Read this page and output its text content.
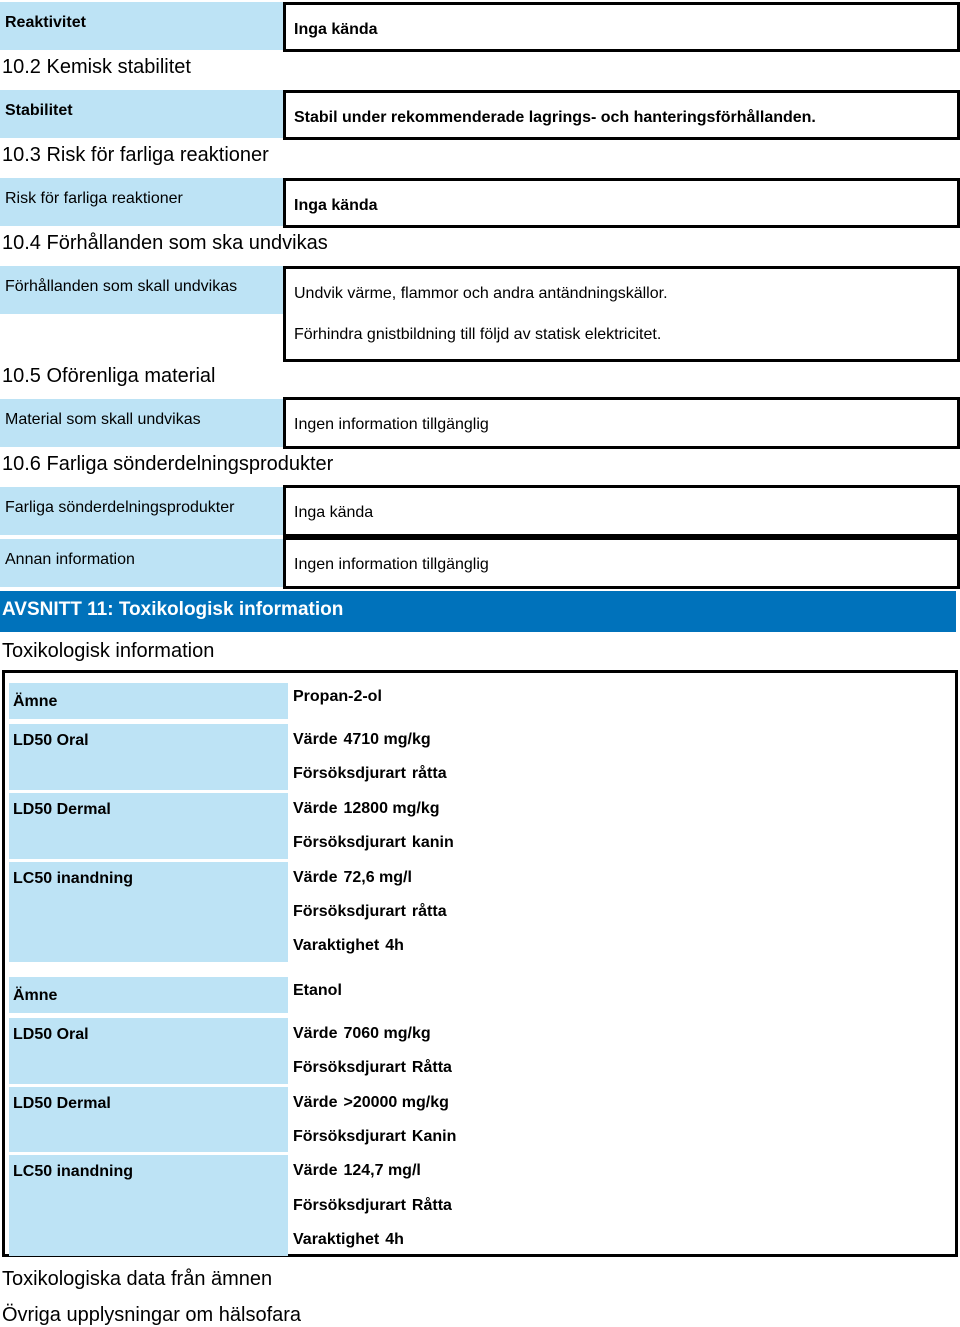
Reaktivitet	Inga kända
10.2 Kemisk stabilitet
Stabilitet	Stabil under rekommenderade lagrings- och hanteringsförhållanden.
10.3 Risk för farliga reaktioner
Risk för farliga reaktioner	Inga kända
10.4 Förhållanden som ska undvikas
Förhållanden som skall undvikas	Undvik värme, flammor och andra antändningskällor.
Förhindra gnistbildning till följd av statisk elektricitet.
10.5 Oförenliga material
Material som skall undvikas	Ingen information tillgänglig
10.6 Farliga sönderdelningsprodukter
Farliga sönderdelningsprodukter	Inga kända
Annan information	Ingen information tillgänglig
AVSNITT 11: Toxikologisk information
Toxikologisk information
Ämne	Propan-2-ol
LD50 Oral	Värde 4710 mg/kg
Försöksdjurart råtta
LD50 Dermal	Värde 12800 mg/kg
Försöksdjurart kanin
LC50 inandning	Värde 72,6 mg/l
Försöksdjurart råtta
Varaktighet 4h
Ämne	Etanol
LD50 Oral	Värde 7060 mg/kg
Försöksdjurart Råtta
LD50 Dermal	Värde >20000 mg/kg
Försöksdjurart Kanin
LC50 inandning	Värde 124,7 mg/l
Försöksdjurart Råtta
Varaktighet 4h
Toxikologiska data från ämnen
Övriga upplysningar om hälsofara
